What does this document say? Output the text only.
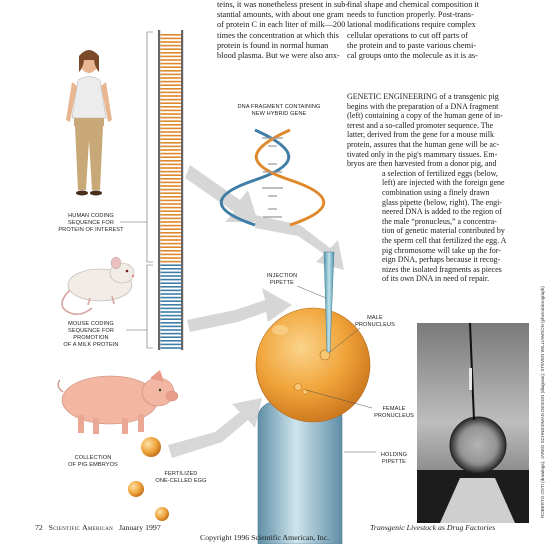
teins, it was nonetheless present in sub-
stantial amounts, with about one gram
of protein C in each liter of milk—200
times the concentration at which this
protein is found in normal human
blood plasma. But we were also anx-
final shape and chemical composition it
needs to function properly. Post-trans-
lational modifications require complex
cellular operations to cut off parts of
the protein and to paste various chemi-
cal groups onto the molecule as it is as-
GENETIC ENGINEERING of a transgenic pig
begins with the preparation of a DNA fragment
(left) containing a copy of the human gene of in-
terest and a so-called promoter sequence. The
latter, derived from the gene for a mouse milk
protein, assures that the human gene will be ac-
tivated only in the pig's mammary tissues. Em-
bryos are then harvested from a donor pig, and
a selection of fertilized eggs (below,
left) are injected with the foreign gene
combination using a finely drawn
glass pipette (below, right). The engi-
neered DNA is added to the region of
the male “pronucleus,” a concentra-
tion of genetic material contributed by
the sperm cell that fertilized the egg. A
pig chromosome will take up the for-
eign DNA, perhaps because it recog-
nizes the isolated fragments as pieces
of its own DNA in need of repair.
DNA FRAGMENT CONTAINING
NEW HYBRID GENE
HUMAN CODING
SEQUENCE FOR
PROTEIN OF INTEREST
MOUSE CODING
SEQUENCE FOR
PROMOTION
OF A MILK PROTEIN
INJECTION
PIPETTE
MALE
PRONUCLEUS
FEMALE
PRONUCLEUS
HOLDING
PIPETTE
COLLECTION
OF PIG EMBRYOS
FERTILIZED
ONE-CELLED EGG	ROBERTO OSTI (drawings); JARED SCHNEIDMAN DESIGN (diagram); STEVEN WILLIAMSON (photomicrograph)
72 Scientific American January 1997
Copyright 1996 Scientific American, Inc.
Transgenic Livestock as Drug Factories
